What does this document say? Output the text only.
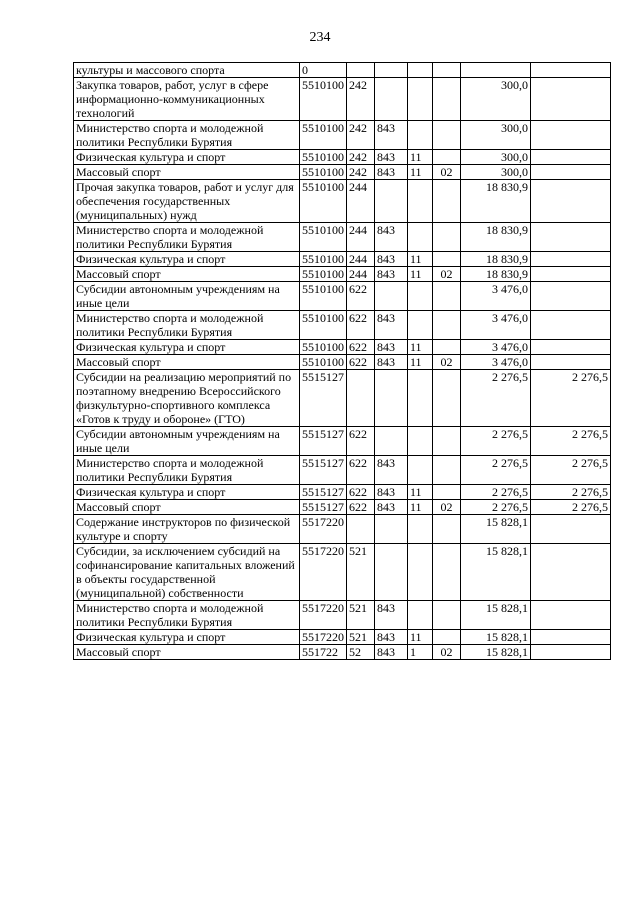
234
культуры и массового спорта	0						
Закупка товаров, работ, услуг в сфере информационно-коммуникационных технологий	5510100	242				300,0	
Министерство спорта и молодежной политики Республики Бурятия	5510100	242	843			300,0	
Физическая культура и спорт	5510100	242	843	11		300,0	
Массовый спорт	5510100	242	843	11	02	300,0	
Прочая закупка товаров, работ и услуг для обеспечения государственных (муниципальных) нужд	5510100	244				18 830,9	
Министерство спорта и молодежной политики Республики Бурятия	5510100	244	843			18 830,9	
Физическая культура и спорт	5510100	244	843	11		18 830,9	
Массовый спорт	5510100	244	843	11	02	18 830,9	
Субсидии автономным учреждениям на иные цели	5510100	622				3 476,0	
Министерство спорта и молодежной политики Республики Бурятия	5510100	622	843			3 476,0	
Физическая культура и спорт	5510100	622	843	11		3 476,0	
Массовый спорт	5510100	622	843	11	02	3 476,0	
Субсидии на реализацию мероприятий по поэтапному внедрению Всероссийского физкультурно-спортивного комплекса «Готов к труду и обороне» (ГТО)	5515127					2 276,5	2 276,5
Субсидии автономным учреждениям на иные цели	5515127	622				2 276,5	2 276,5
Министерство спорта и молодежной политики Республики Бурятия	5515127	622	843			2 276,5	2 276,5
Физическая культура и спорт	5515127	622	843	11		2 276,5	2 276,5
Массовый спорт	5515127	622	843	11	02	2 276,5	2 276,5
Содержание инструкторов по физической культуре и спорту	5517220					15 828,1	
Субсидии, за исключением субсидий на софинансирование капитальных вложений в объекты государственной (муниципальной) собственности	5517220	521				15 828,1	
Министерство спорта и молодежной политики Республики Бурятия	5517220	521	843			15 828,1	
Физическая культура и спорт	5517220	521	843	11		15 828,1	
Массовый спорт	551722	52	843	1	02	15 828,1	
